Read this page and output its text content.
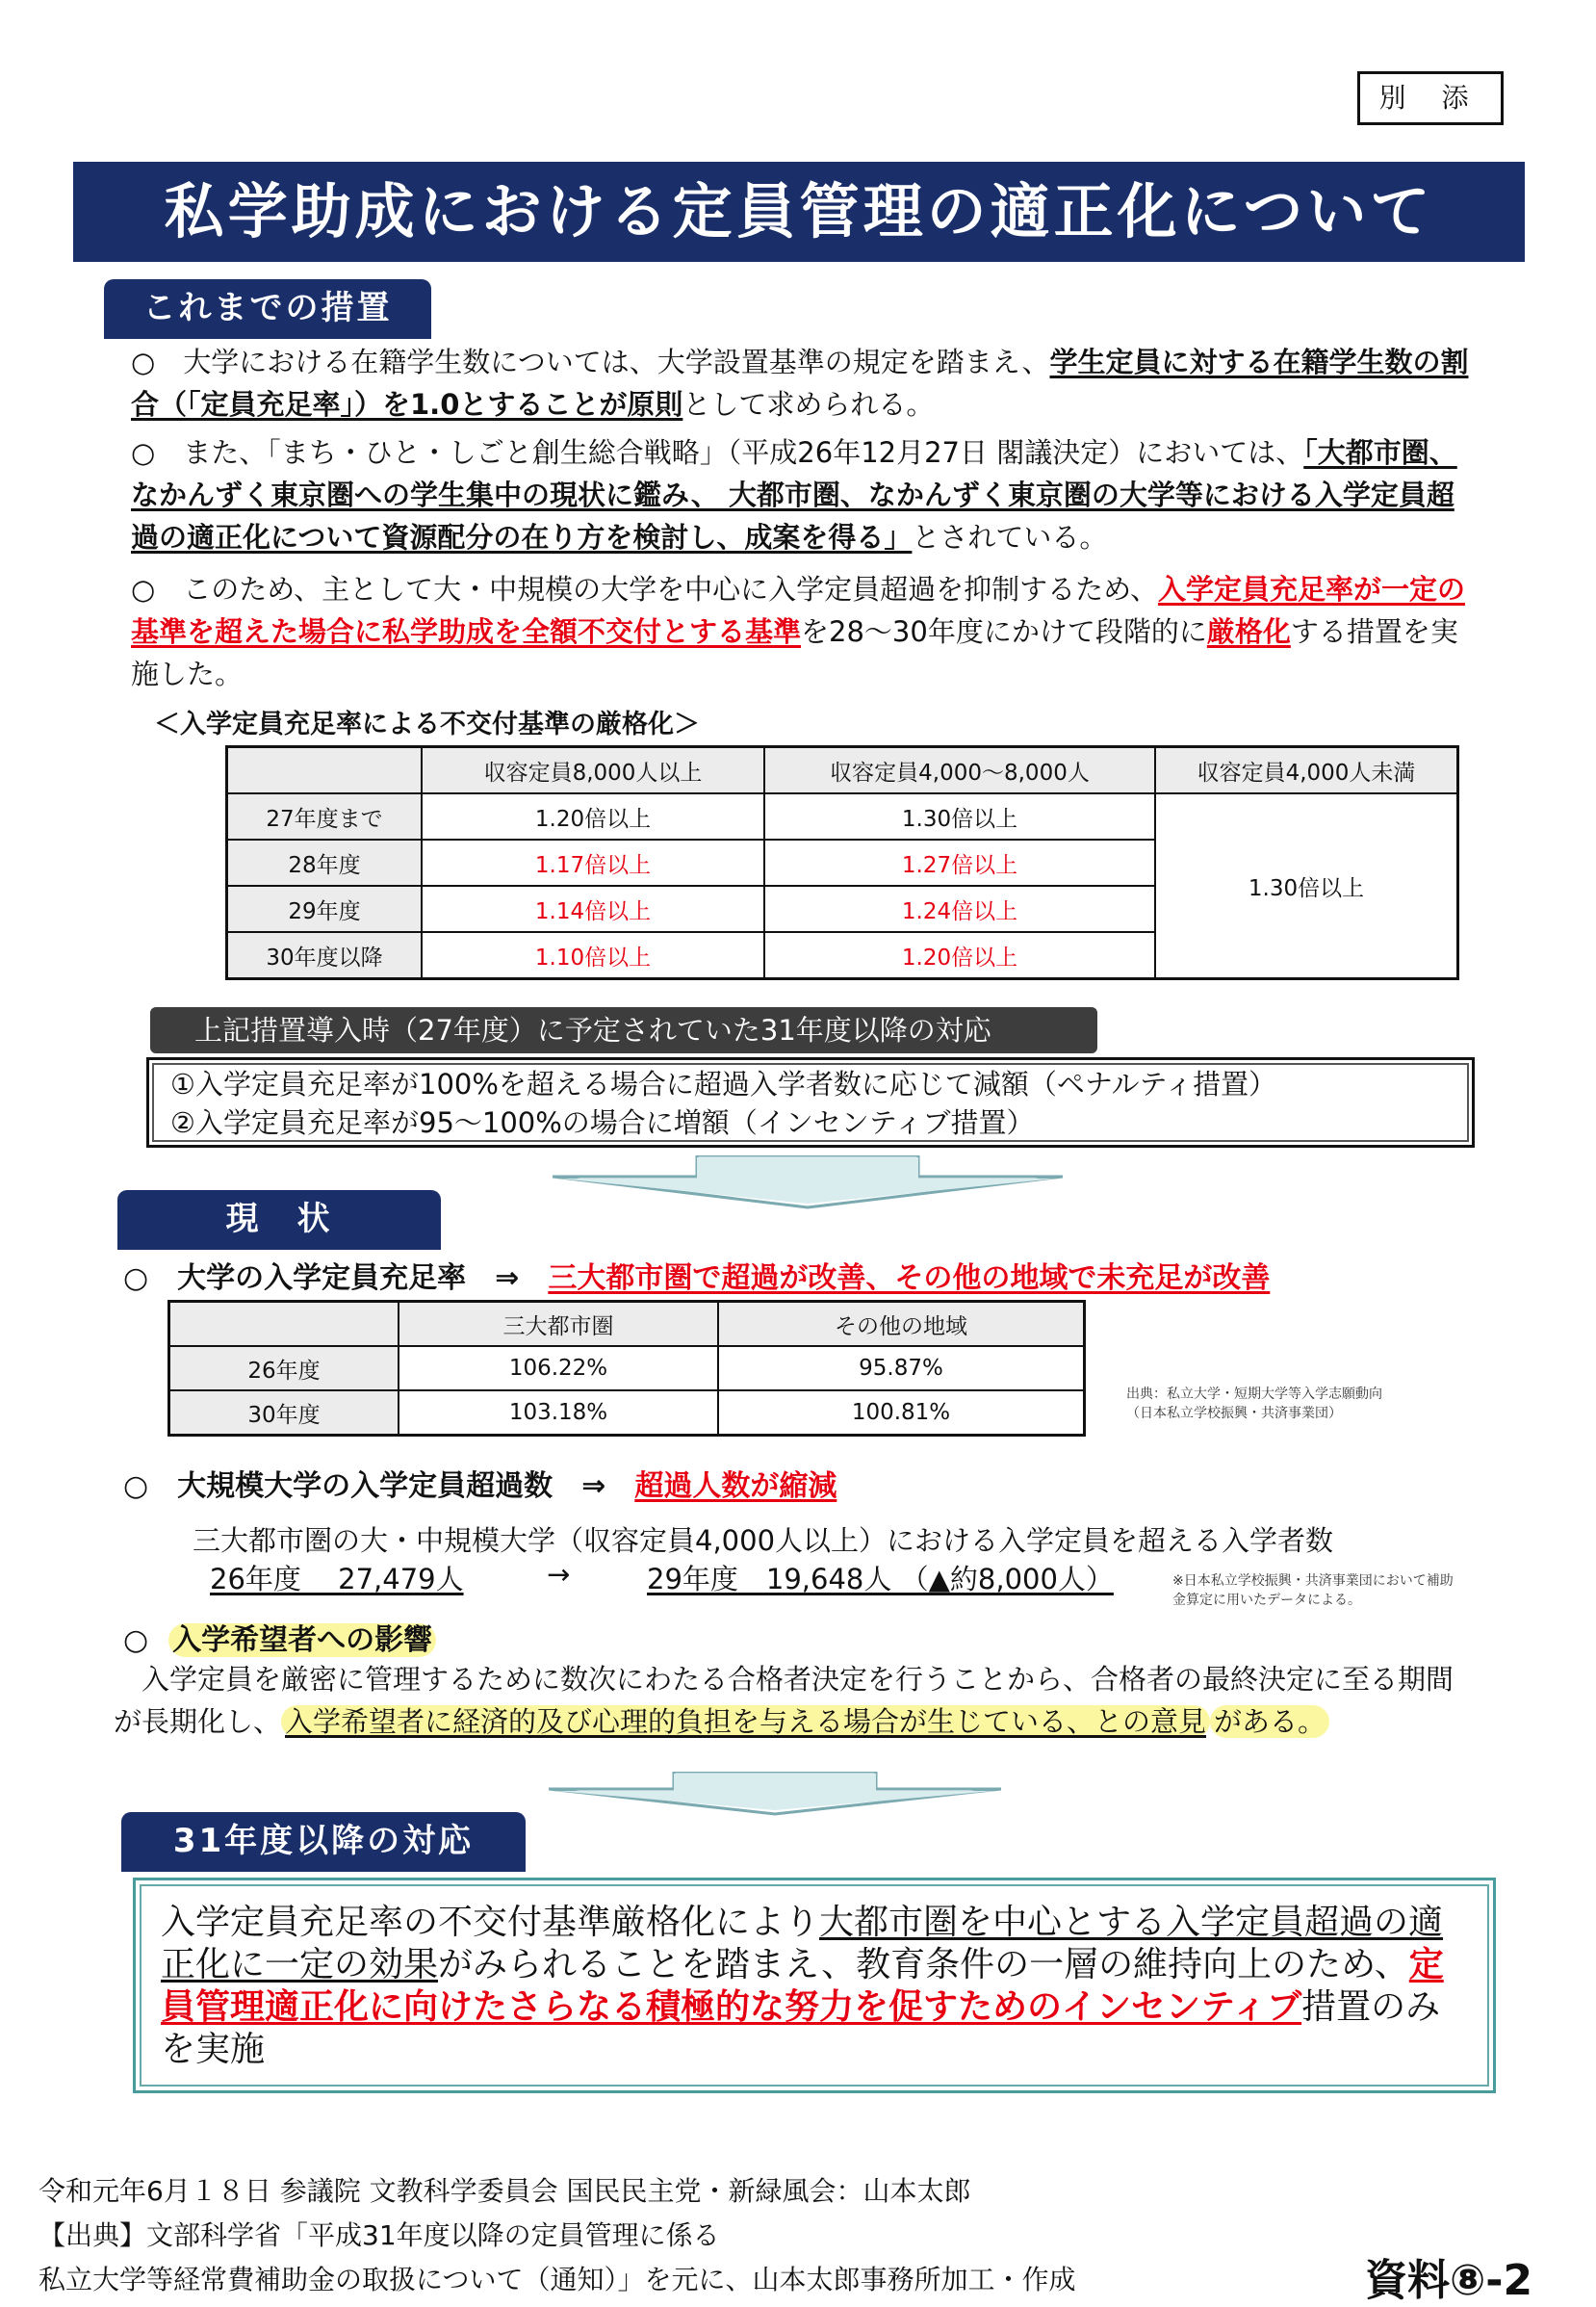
別 添
私学助成における定員管理の適正化について
これまでの措置
○　大学における在籍学生数については、大学設置基準の規定を踏まえ、学生定員に対する在籍学生数の割合（「定員充足率」）を1.0とすることが原則として求められる。
○　また、「まち・ひと・しごと創生総合戦略」（平成26年12月27日 閣議決定）においては、「大都市圏、なかんずく東京圏への学生集中の現状に鑑み、 大都市圏、なかんずく東京圏の大学等における入学定員超過の適正化について資源配分の在り方を検討し、成案を得る」とされている。
○　このため、主として大・中規模の大学を中心に入学定員超過を抑制するため、入学定員充足率が一定の基準を超えた場合に私学助成を全額不交付とする基準を28～30年度にかけて段階的に厳格化する措置を実施した。
＜入学定員充足率による不交付基準の厳格化＞
	収容定員8,000人以上	収容定員4,000～8,000人	収容定員4,000人未満
27年度まで	1.20倍以上	1.30倍以上	1.30倍以上
28年度	1.17倍以上	1.27倍以上	
29年度	1.14倍以上	1.24倍以上	
30年度以降	1.10倍以上	1.20倍以上	
上記措置導入時（27年度）に予定されていた31年度以降の対応
①入学定員充足率が100%を超える場合に超過入学者数に応じて減額（ペナルティ措置）
②入学定員充足率が95～100%の場合に増額（インセンティブ措置）
現　状
○　大学の入学定員充足率　⇒　三大都市圏で超過が改善、その他の地域で未充足が改善
	三大都市圏	その他の地域
26年度	106.22%	95.87%
30年度	103.18%	100.81%
出典：私立大学・短期大学等入学志願動向
（日本私立学校振興・共済事業団）
○　大規模大学の入学定員超過数　⇒　超過人数が縮減
三大都市圏の大・中規模大学（収容定員4,000人以上）における入学定員を超える入学者数
26年度　 27,479人	→	29年度　19,648人 （▲約8,000人）	※日本私立学校振興・共済事業団において補助
金算定に用いたデータによる。
○ 入学希望者への影響
　入学定員を厳密に管理するために数次にわたる合格者決定を行うことから、合格者の最終決定に至る期間が長期化し、 入学希望者に経済的及び心理的負担を与える場合が生じている、との意見 がある。
31年度以降の対応
入学定員充足率の不交付基準厳格化により大都市圏を中心とする入学定員超過の適正化に一定の効果がみられることを踏まえ、教育条件の一層の維持向上のため、定員管理適正化に向けたさらなる積極的な努力を促すためのインセンティブ措置のみを実施
令和元年6月１８日 参議院 文教科学委員会 国民民主党・新緑風会：山本太郎
【出典】文部科学省「平成31年度以降の定員管理に係る
私立大学等経常費補助金の取扱について（通知）」を元に、山本太郎事務所加工・作成	資料⑧-2
